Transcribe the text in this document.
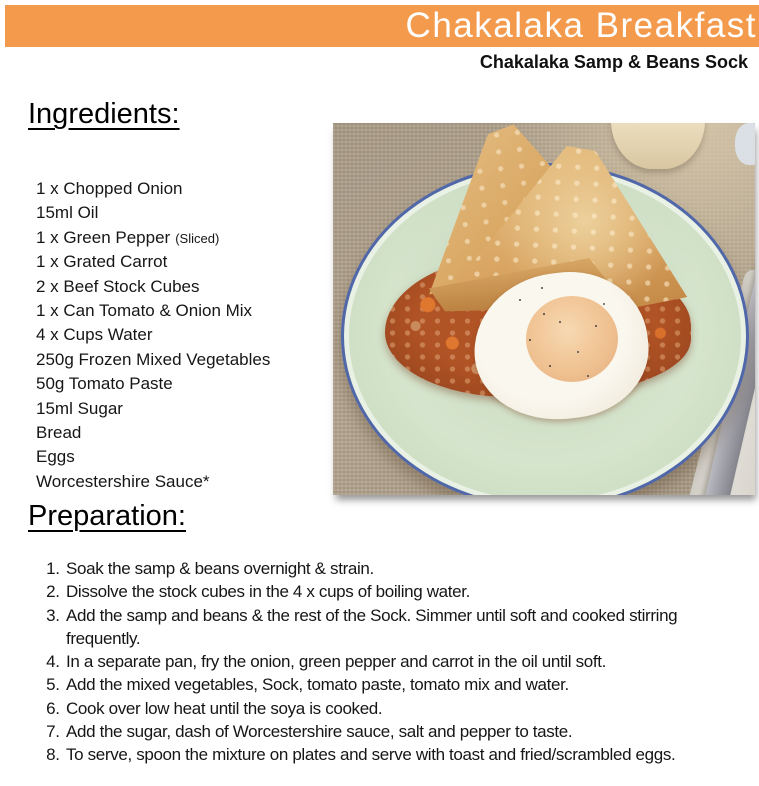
Chakalaka Breakfast
Chakalaka Samp & Beans Sock
Ingredients:
1 x Chopped Onion
15ml Oil
1 x Green Pepper (Sliced)
1 x Grated Carrot
2 x Beef Stock Cubes
1 x Can Tomato & Onion Mix
4 x Cups Water
250g Frozen Mixed Vegetables
50g Tomato Paste
15ml Sugar
Bread
Eggs
Worcestershire Sauce*
Preparation:
1. Soak the samp & beans overnight & strain.
2. Dissolve the stock cubes in the 4 x cups of boiling water.
3. Add the samp and beans & the rest of the Sock. Simmer until soft and cooked stirring frequently.
4. In a separate pan, fry the onion, green pepper and carrot in the oil until soft.
5. Add the mixed vegetables, Sock, tomato paste, tomato mix and water.
6. Cook over low heat until the soya is cooked.
7. Add the sugar, dash of Worcestershire sauce, salt and pepper to taste.
8. To serve, spoon the mixture on plates and serve with toast and fried/scrambled eggs.
